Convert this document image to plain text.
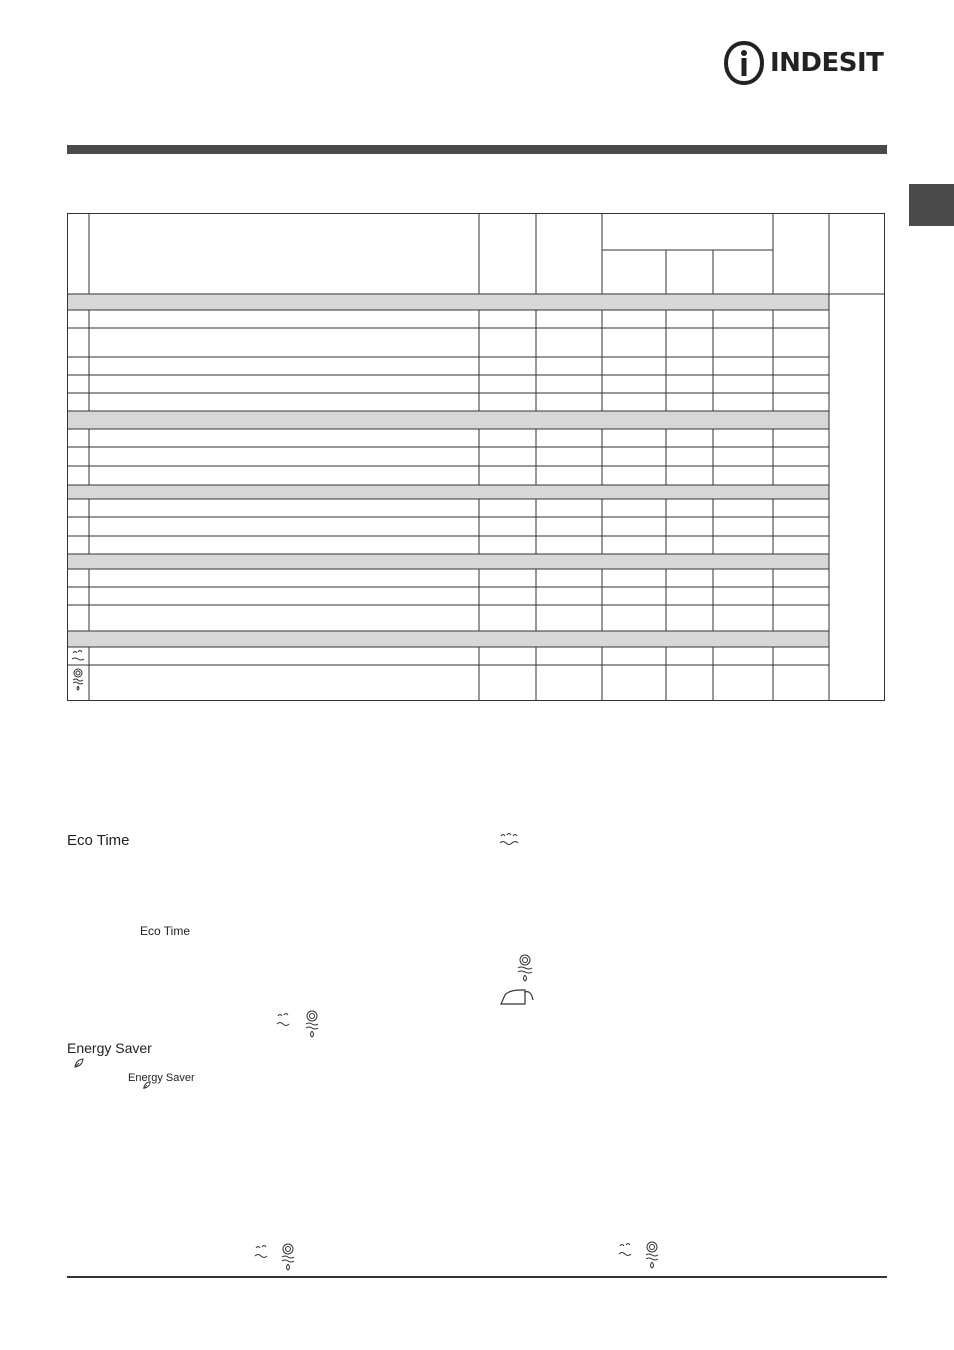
INDESIT
Eco Time
Eco Time
Energy Saver
Energy Saver
